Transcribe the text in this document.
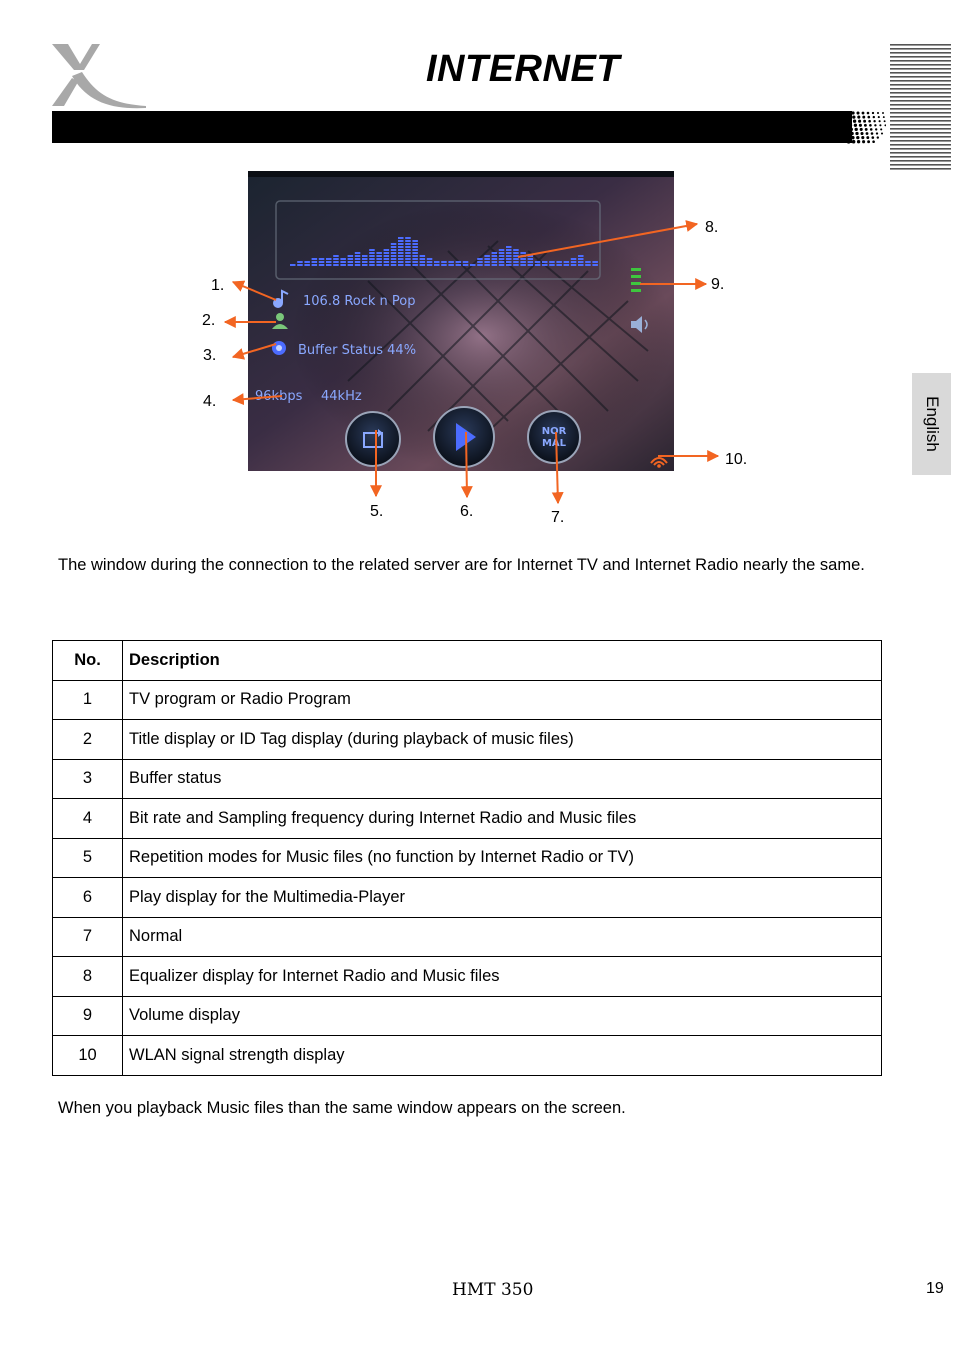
INTERNET
English
106.8 Rock n Pop
Buffer Status 44%
96kbps 44kHz
NOR
MAL
1.
2.
3.
4.
5.	6.	7.
8.
9.
10.
The window during the connection to the related server are for Internet TV and Internet Radio nearly the same.
No.	Description
1	TV program or Radio Program
2	Title display or ID Tag display (during playback of music files)
3	Buffer status
4	Bit rate and Sampling frequency during Internet Radio and Music files
5	Repetition modes for Music files (no function by Internet Radio or TV)
6	Play display for the Multimedia-Player
7	Normal
8	Equalizer display for Internet Radio and Music files
9	Volume display
10	WLAN signal strength display
When you playback Music files than the same window appears on the screen.
HMT 350	19
